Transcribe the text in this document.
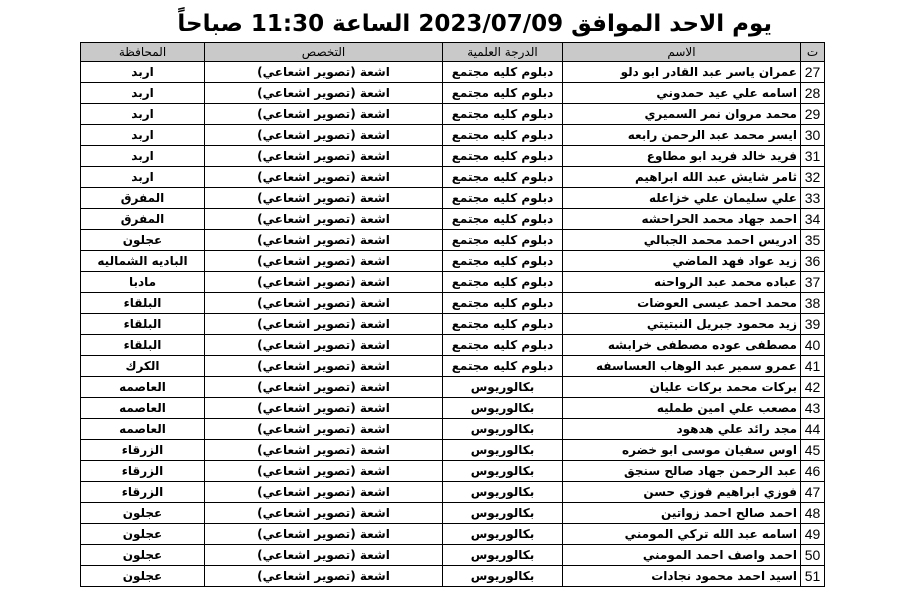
يوم الاحد الموافق 2023/07/09 الساعة 11:30 صباحاً
ت	الاسم	الدرجة العلمية	التخصص	المحافظة
27	عمران ياسر عبد القادر ابو دلو	دبلوم كليه مجتمع	اشعة (تصوير اشعاعي)	اربد
28	اسامه علي عيد حمدوني	دبلوم كليه مجتمع	اشعة (تصوير اشعاعي)	اربد
29	محمد مروان نمر السميري	دبلوم كليه مجتمع	اشعة (تصوير اشعاعي)	اربد
30	ايسر محمد عبد الرحمن رابعه	دبلوم كليه مجتمع	اشعة (تصوير اشعاعي)	اربد
31	فريد خالد فريد ابو مطاوع	دبلوم كليه مجتمع	اشعة (تصوير اشعاعي)	اربد
32	ثامر شايش عبد الله ابراهيم	دبلوم كليه مجتمع	اشعة (تصوير اشعاعي)	اربد
33	علي سليمان علي خزاعله	دبلوم كليه مجتمع	اشعة (تصوير اشعاعي)	المفرق
34	احمد جهاد محمد الحراحشه	دبلوم كليه مجتمع	اشعة (تصوير اشعاعي)	المفرق
35	ادريس احمد محمد الجبالي	دبلوم كليه مجتمع	اشعة (تصوير اشعاعي)	عجلون
36	زيد عواد فهد الماضي	دبلوم كليه مجتمع	اشعة (تصوير اشعاعي)	الباديه الشماليه
37	عباده محمد عبد الرواحنه	دبلوم كليه مجتمع	اشعة (تصوير اشعاعي)	مادبا
38	محمد احمد عيسى العوضات	دبلوم كليه مجتمع	اشعة (تصوير اشعاعي)	البلقاء
39	زيد محمود جبريل النبتيتي	دبلوم كليه مجتمع	اشعة (تصوير اشعاعي)	البلقاء
40	مصطفى عوده مصطفى خرابشه	دبلوم كليه مجتمع	اشعة (تصوير اشعاعي)	البلقاء
41	عمرو سمير عبد الوهاب العساسفه	دبلوم كليه مجتمع	اشعة (تصوير اشعاعي)	الكرك
42	بركات محمد بركات عليان	بكالوريوس	اشعة (تصوير اشعاعي)	العاصمه
43	مصعب علي امين طمليه	بكالوريوس	اشعة (تصوير اشعاعي)	العاصمه
44	مجد رائد علي هدهود	بكالوريوس	اشعة (تصوير اشعاعي)	العاصمه
45	اوس سفيان موسى ابو خضره	بكالوريوس	اشعة (تصوير اشعاعي)	الزرقاء
46	عبد الرحمن جهاد صالح سنجق	بكالوريوس	اشعة (تصوير اشعاعي)	الزرقاء
47	فوزي ابراهيم فوزي حسن	بكالوريوس	اشعة (تصوير اشعاعي)	الزرقاء
48	احمد صالح احمد زواتين	بكالوريوس	اشعة (تصوير اشعاعي)	عجلون
49	اسامه عبد الله تركي المومني	بكالوريوس	اشعة (تصوير اشعاعي)	عجلون
50	احمد واصف احمد المومني	بكالوريوس	اشعة (تصوير اشعاعي)	عجلون
51	اسيد احمد محمود نجادات	بكالوريوس	اشعة (تصوير اشعاعي)	عجلون
